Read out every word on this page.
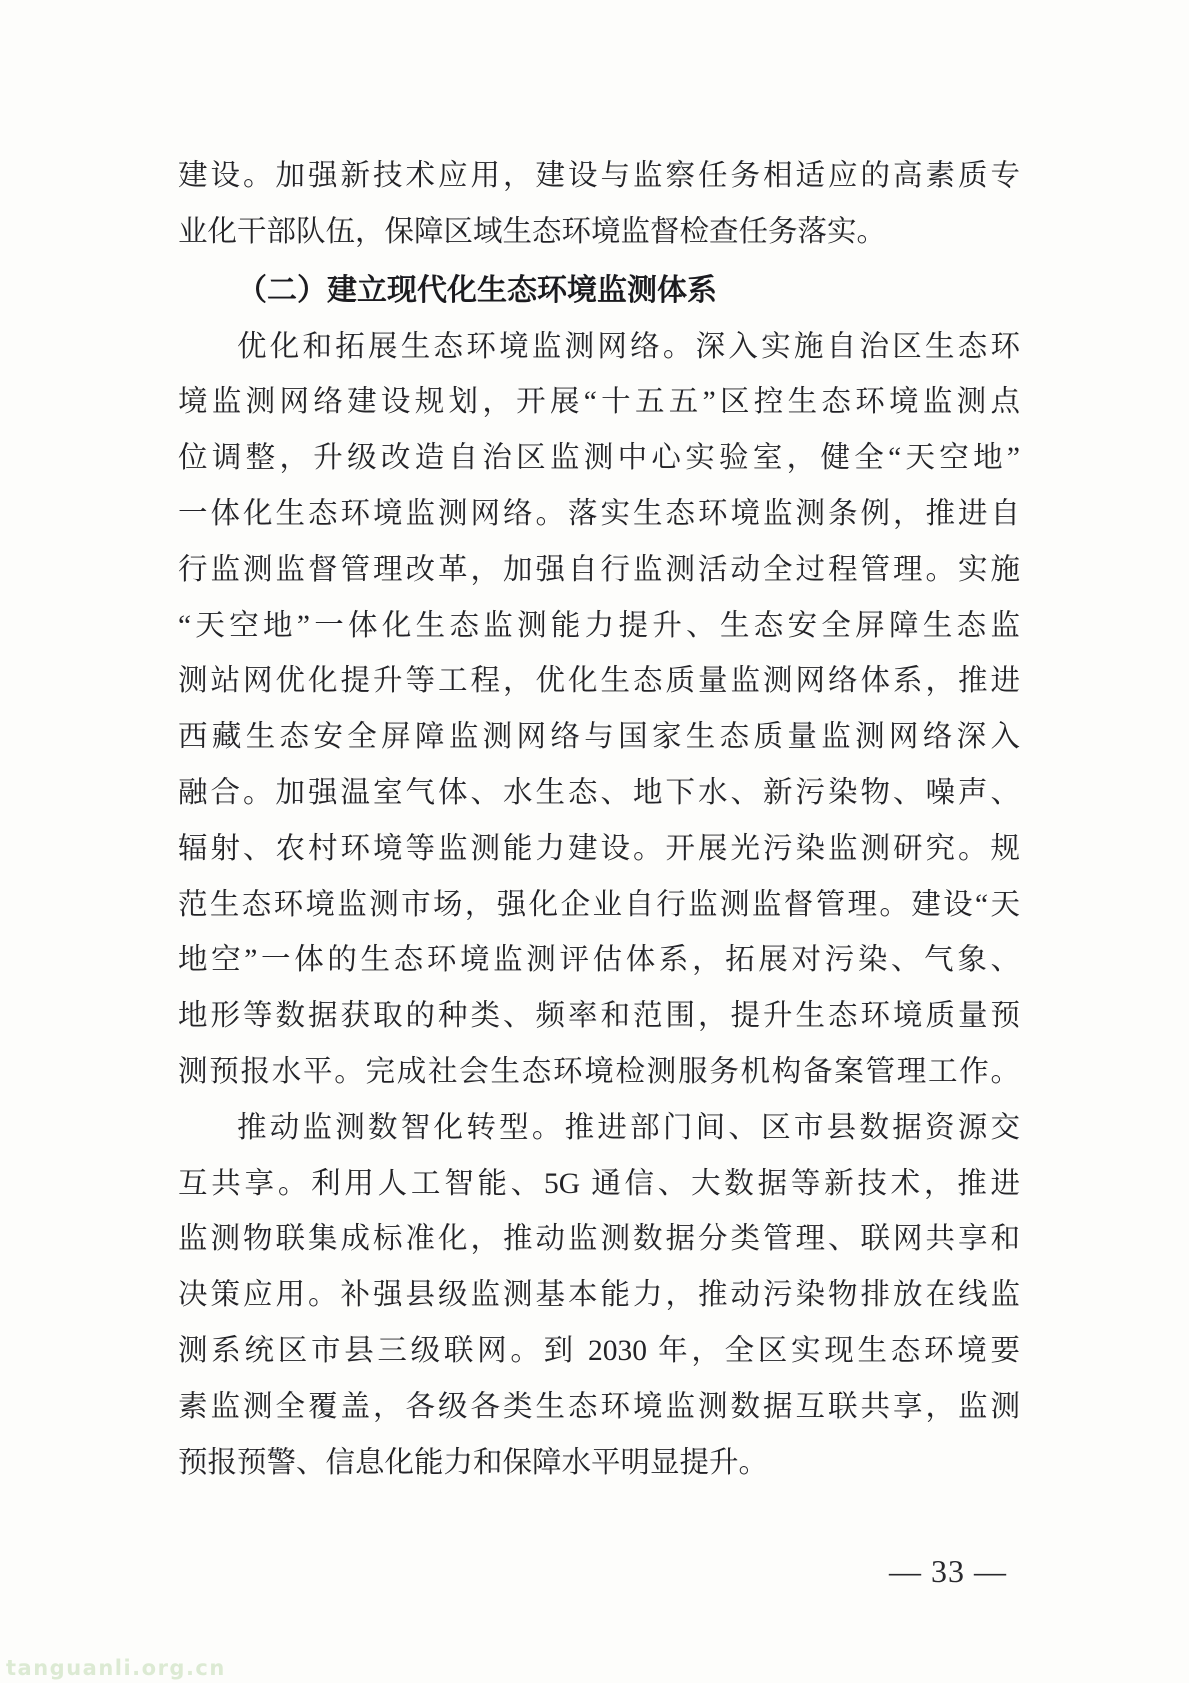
建设。加强新技术应用，建设与监察任务相适应的高素质专
业化干部队伍，保障区域生态环境监督检查任务落实。
（二）建立现代化生态环境监测体系
优化和拓展生态环境监测网络。深入实施自治区生态环
境监测网络建设规划，开展“十五五”区控生态环境监测点
位调整，升级改造自治区监测中心实验室，健全“天空地”
一体化生态环境监测网络。落实生态环境监测条例，推进自
行监测监督管理改革，加强自行监测活动全过程管理。实施
“天空地”一体化生态监测能力提升、生态安全屏障生态监
测站网优化提升等工程，优化生态质量监测网络体系，推进
西藏生态安全屏障监测网络与国家生态质量监测网络深入
融合。加强温室气体、水生态、地下水、新污染物、噪声、
辐射、农村环境等监测能力建设。开展光污染监测研究。规
范生态环境监测市场，强化企业自行监测监督管理。建设“天
地空”一体的生态环境监测评估体系，拓展对污染、气象、
地形等数据获取的种类、频率和范围，提升生态环境质量预
测预报水平。完成社会生态环境检测服务机构备案管理工作。
推动监测数智化转型。推进部门间、区市县数据资源交
互共享。利用人工智能、5G 通信、大数据等新技术，推进
监测物联集成标准化，推动监测数据分类管理、联网共享和
决策应用。补强县级监测基本能力，推动污染物排放在线监
测系统区市县三级联网。到 2030 年，全区实现生态环境要
素监测全覆盖，各级各类生态环境监测数据互联共享，监测
预报预警、信息化能力和保障水平明显提升。
— 33 —
tanguanli.org.cn
